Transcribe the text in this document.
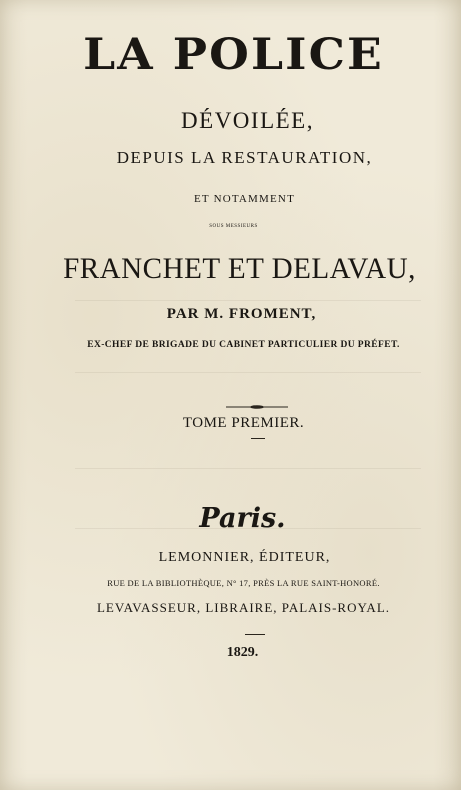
LA POLICE
DÉVOILÉE,
DEPUIS LA RESTAURATION,
ET NOTAMMENT
SOUS MESSIEURS
FRANCHET ET DELAVAU,
PAR M. FROMENT,
EX-CHEF DE BRIGADE DU CABINET PARTICULIER DU PRÉFET.
TOME PREMIER.
Paris.
LEMONNIER, ÉDITEUR,
RUE DE LA BIBLIOTHÈQUE, N° 17, PRÈS LA RUE SAINT-HONORÉ.
LEVAVASSEUR, LIBRAIRE, PALAIS-ROYAL.
1829.
